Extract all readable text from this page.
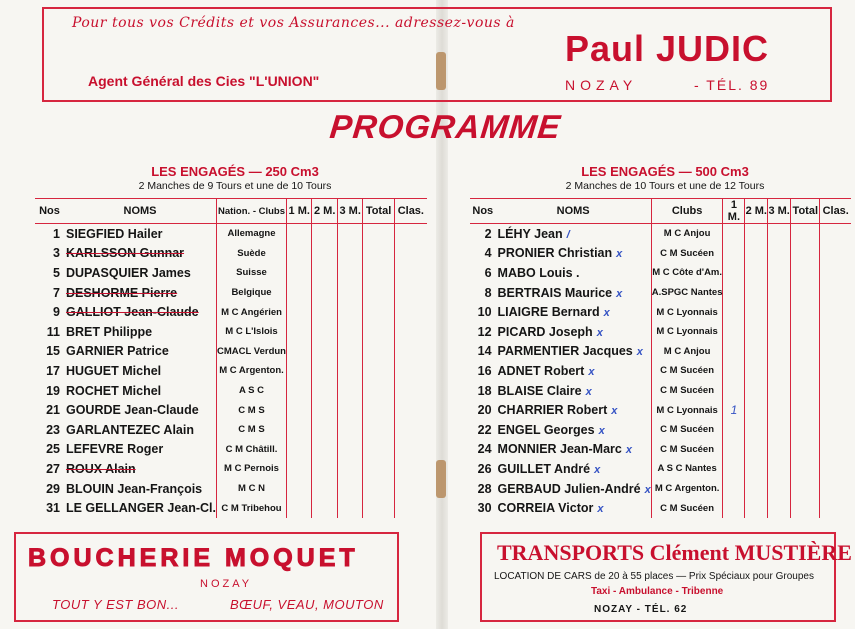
Pour tous vos Crédits et vos Assurances... adressez-vous à
Agent Général des Cies "L'UNION"
Paul JUDIC
NOZAY	- TÉL. 89
PROGRAMME
LES ENGAGÉS — 250 Cm3
2 Manches de 9 Tours et une de 10 Tours
Nos	NOMS	Nation. - Clubs	1 M.	2 M.	3 M.	Total	Clas.
1	SIEGFIED Hailer	Allemagne					
3	KARLSSON Gunnar	Suède					
5	DUPASQUIER James	Suisse					
7	DESHORME Pierre	Belgique					
9	GALLIOT Jean-Claude	M C Angérien					
11	BRET Philippe	M C L'Islois					
15	GARNIER Patrice	CMACL Verdun					
17	HUGUET Michel	M C Argenton.					
19	ROCHET Michel	A S C					
21	GOURDE Jean-Claude	C M S					
23	GARLANTEZEC Alain	C M S					
25	LEFEVRE Roger	C M Châtill.					
27	ROUX Alain	M C Pernois					
29	BLOUIN Jean-François	M C N					
31	LE GELLANGER Jean-Cl.	C M Tribehou					
LES ENGAGÉS — 500 Cm3
2 Manches de 10 Tours et une de 12 Tours
Nos	NOMS	Clubs	1 M.	2 M.	3 M.	Total	Clas.
2	LÉHY Jean /	M C Anjou					
4	PRONIER Christian x	C M Sucéen					
6	MABO Louis .	M C Côte d'Am.					
8	BERTRAIS Maurice x	A.SPGC Nantes					
10	LIAIGRE Bernard x	M C Lyonnais					
12	PICARD Joseph x	M C Lyonnais					
14	PARMENTIER Jacques x	M C Anjou					
16	ADNET Robert x	C M Sucéen					
18	BLAISE Claire x	C M Sucéen					
20	CHARRIER Robert x	M C Lyonnais	1				
22	ENGEL Georges x	C M Sucéen					
24	MONNIER Jean-Marc x	C M Sucéen					
26	GUILLET André x	A S C Nantes					
28	GERBAUD Julien-André x	M C Argenton.					
30	CORREIA Victor x	C M Sucéen					
BOUCHERIE MOQUET
NOZAY
TOUT Y EST BON...	BŒUF, VEAU, MOUTON
TRANSPORTS Clément MUSTIÈRE
LOCATION DE CARS de 20 à 55 places — Prix Spéciaux pour Groupes
Taxi - Ambulance - Tribenne
NOZAY - TÉL. 62
